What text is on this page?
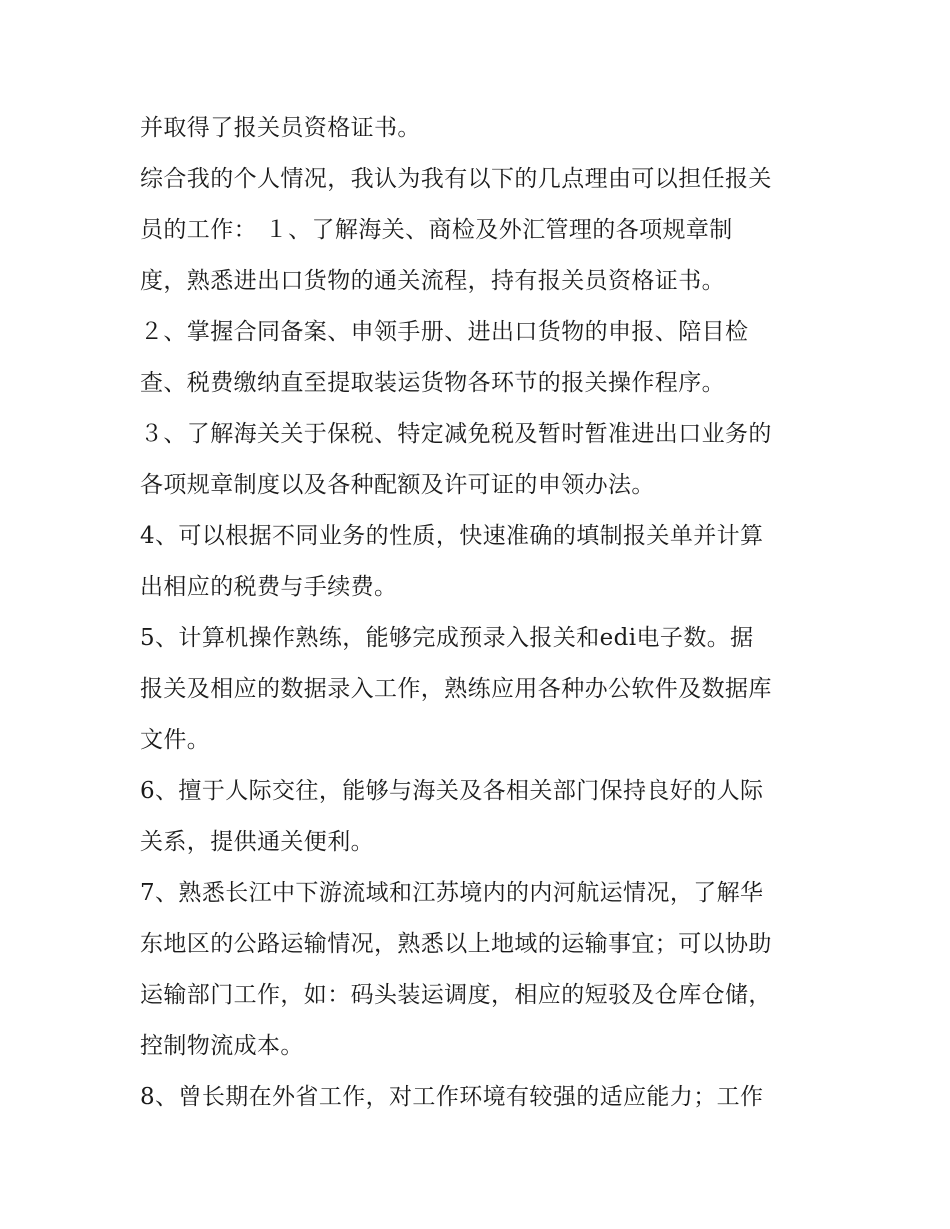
并取得了报关员资格证书。
综合我的个人情况，我认为我有以下的几点理由可以担任报关
员的工作： １、了解海关、商检及外汇管理的各项规章制
度，熟悉进出口货物的通关流程，持有报关员资格证书。
２、掌握合同备案、申领手册、进出口货物的申报、陪目检
查、税费缴纳直至提取装运货物各环节的报关操作程序。
３、了解海关关于保税、特定减免税及暂时暂准进出口业务的
各项规章制度以及各种配额及许可证的申领办法。
4、可以根据不同业务的性质，快速准确的填制报关单并计算
出相应的税费与手续费。
5、计算机操作熟练，能够完成预录入报关和edi电子数。据
报关及相应的数据录入工作，熟练应用各种办公软件及数据库
文件。
6、擅于人际交往，能够与海关及各相关部门保持良好的人际
关系，提供通关便利。
7、熟悉长江中下游流域和江苏境内的内河航运情况，了解华
东地区的公路运输情况，熟悉以上地域的运输事宜；可以协助
运输部门工作，如：码头装运调度，相应的短驳及仓库仓储，
控制物流成本。
8、曾长期在外省工作，对工作环境有较强的适应能力；工作
